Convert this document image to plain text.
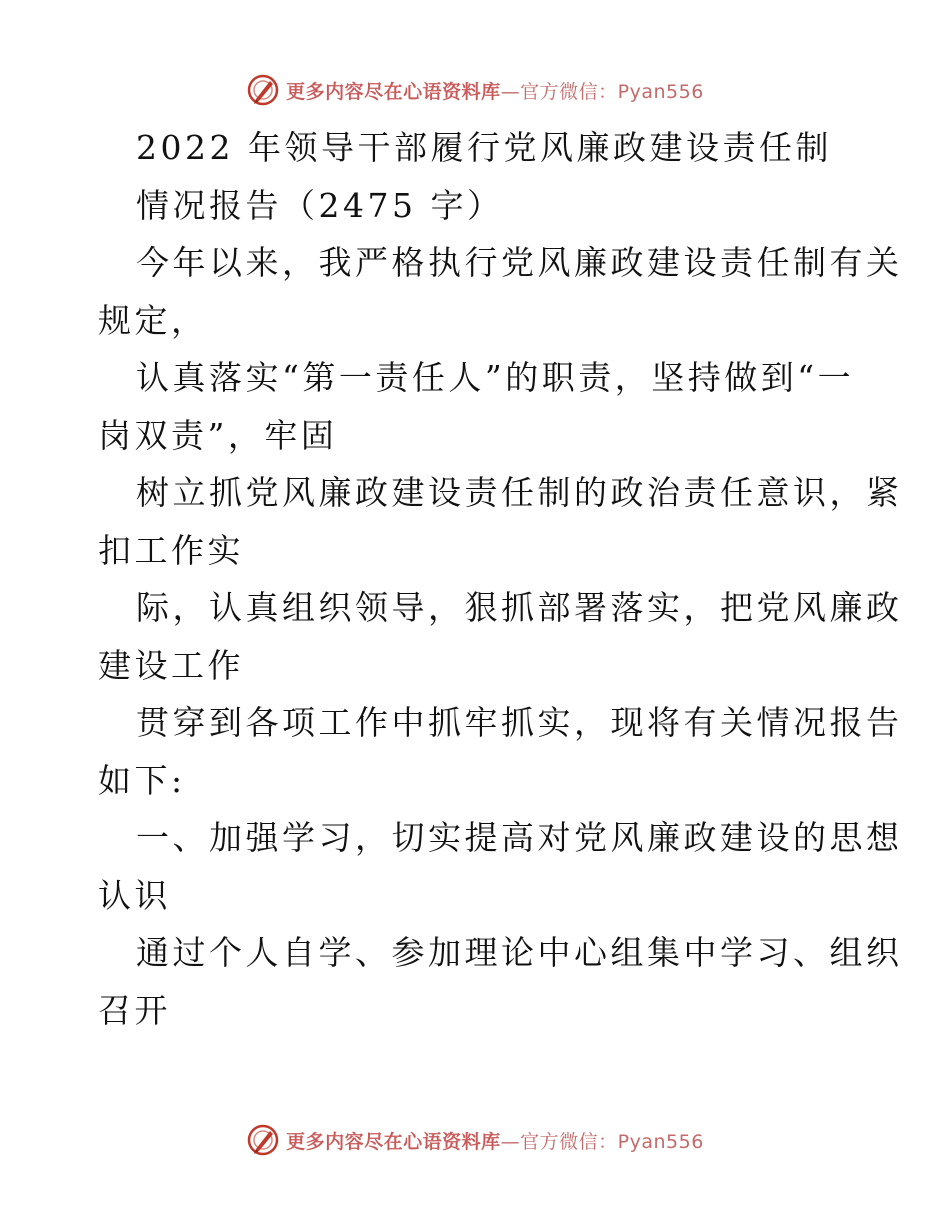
更多内容尽在心语资料库—官方微信：Pyan556
2022 年领导干部履行党风廉政建设责任制
情况报告（2475 字）
今年以来，我严格执行党风廉政建设责任制有关
规定，
认真落实“第一责任人”的职责，坚持做到“一
岗双责”，牢固
树立抓党风廉政建设责任制的政治责任意识，紧
扣工作实
际，认真组织领导，狠抓部署落实，把党风廉政
建设工作
贯穿到各项工作中抓牢抓实，现将有关情况报告
如下:
一、加强学习，切实提高对党风廉政建设的思想
认识
通过个人自学、参加理论中心组集中学习、组织
召开
更多内容尽在心语资料库—官方微信：Pyan556
